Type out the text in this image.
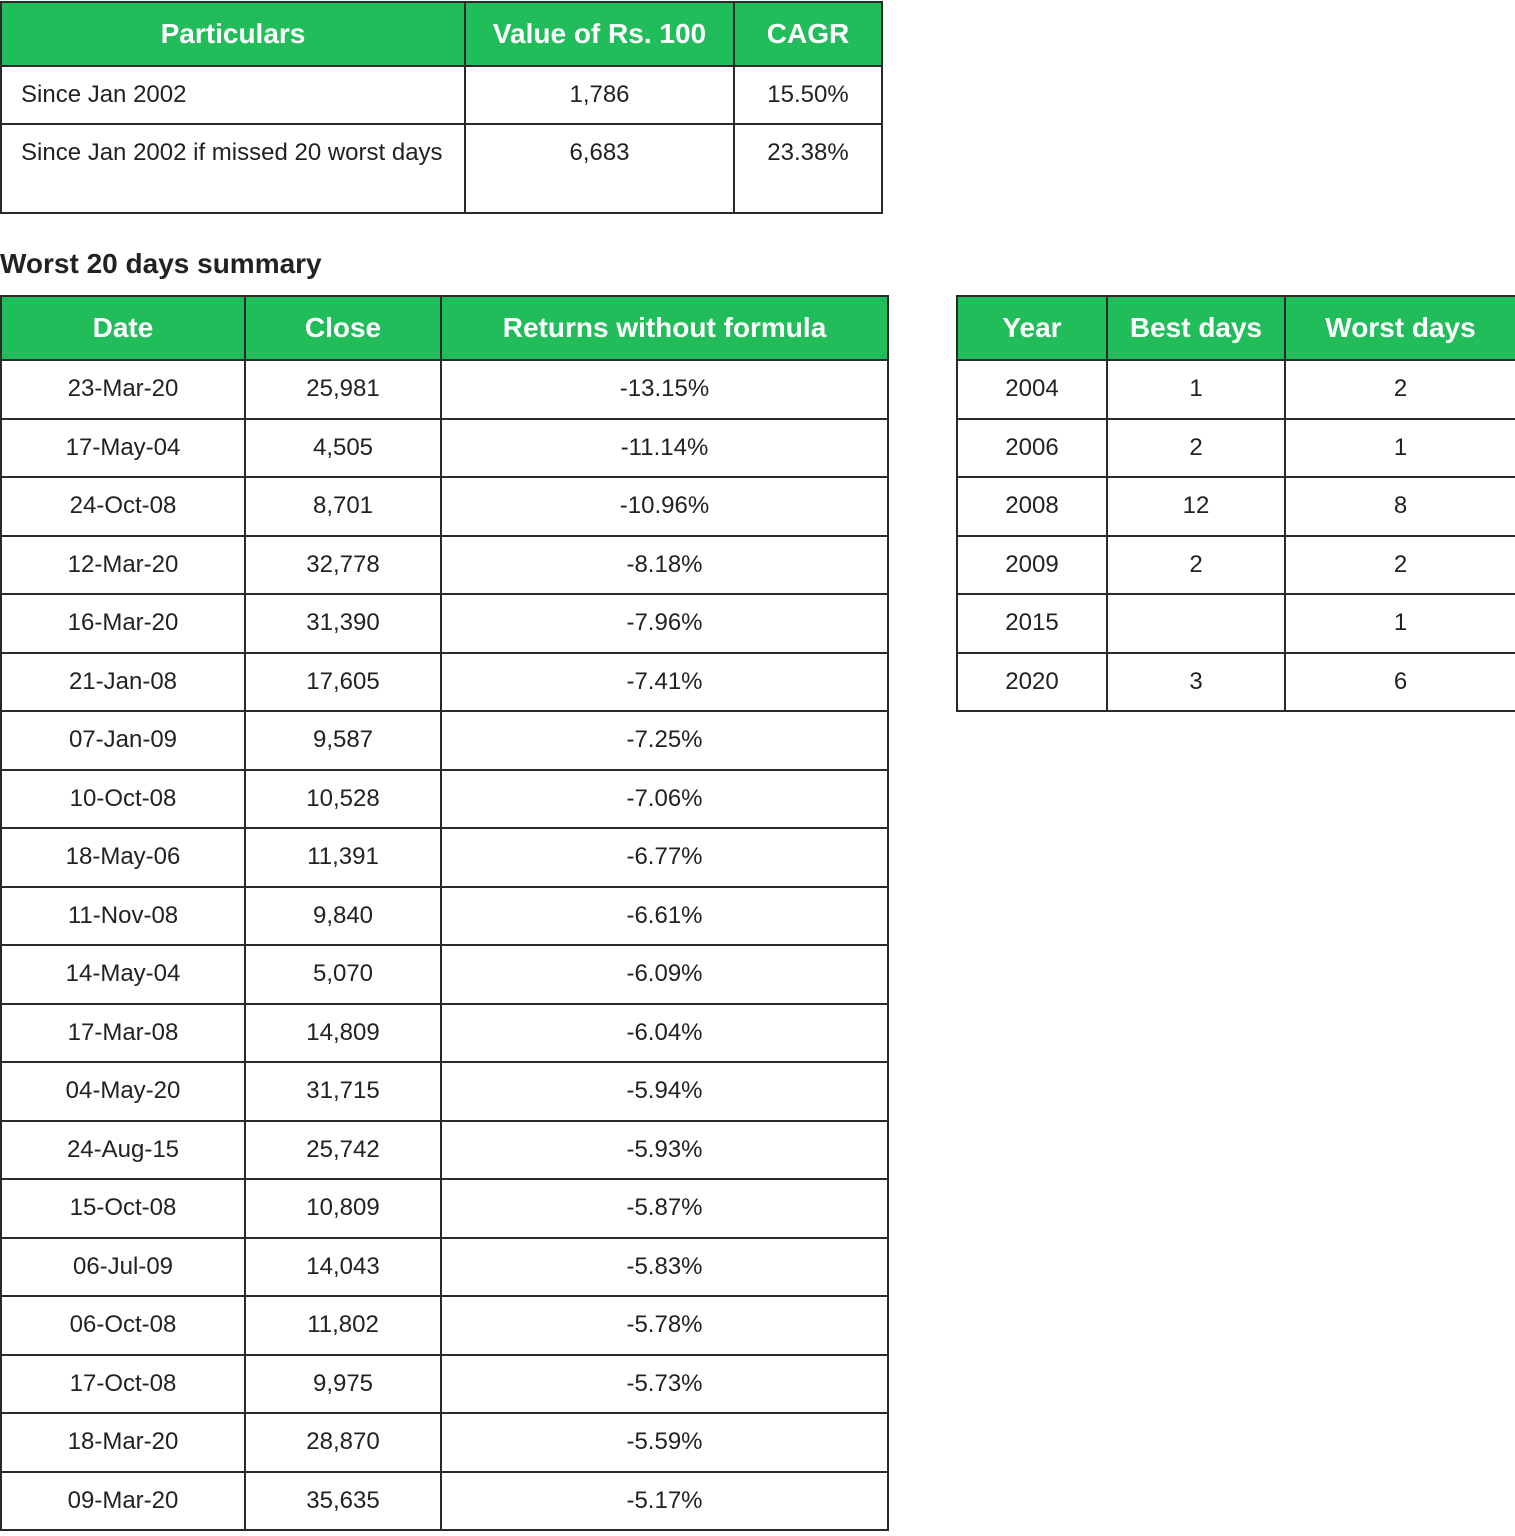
Particulars	Value of Rs. 100	CAGR
Since Jan 2002	1,786	15.50%
Since Jan 2002 if missed 20 worst days	6,683	23.38%
Worst 20 days summary
Date	Close	Returns without formula
23-Mar-20	25,981	-13.15%
17-May-04	4,505	-11.14%
24-Oct-08	8,701	-10.96%
12-Mar-20	32,778	-8.18%
16-Mar-20	31,390	-7.96%
21-Jan-08	17,605	-7.41%
07-Jan-09	9,587	-7.25%
10-Oct-08	10,528	-7.06%
18-May-06	11,391	-6.77%
11-Nov-08	9,840	-6.61%
14-May-04	5,070	-6.09%
17-Mar-08	14,809	-6.04%
04-May-20	31,715	-5.94%
24-Aug-15	25,742	-5.93%
15-Oct-08	10,809	-5.87%
06-Jul-09	14,043	-5.83%
06-Oct-08	11,802	-5.78%
17-Oct-08	9,975	-5.73%
18-Mar-20	28,870	-5.59%
09-Mar-20	35,635	-5.17%
Year	Best days	Worst days
2004	1	2
2006	2	1
2008	12	8
2009	2	2
2015		1
2020	3	6
